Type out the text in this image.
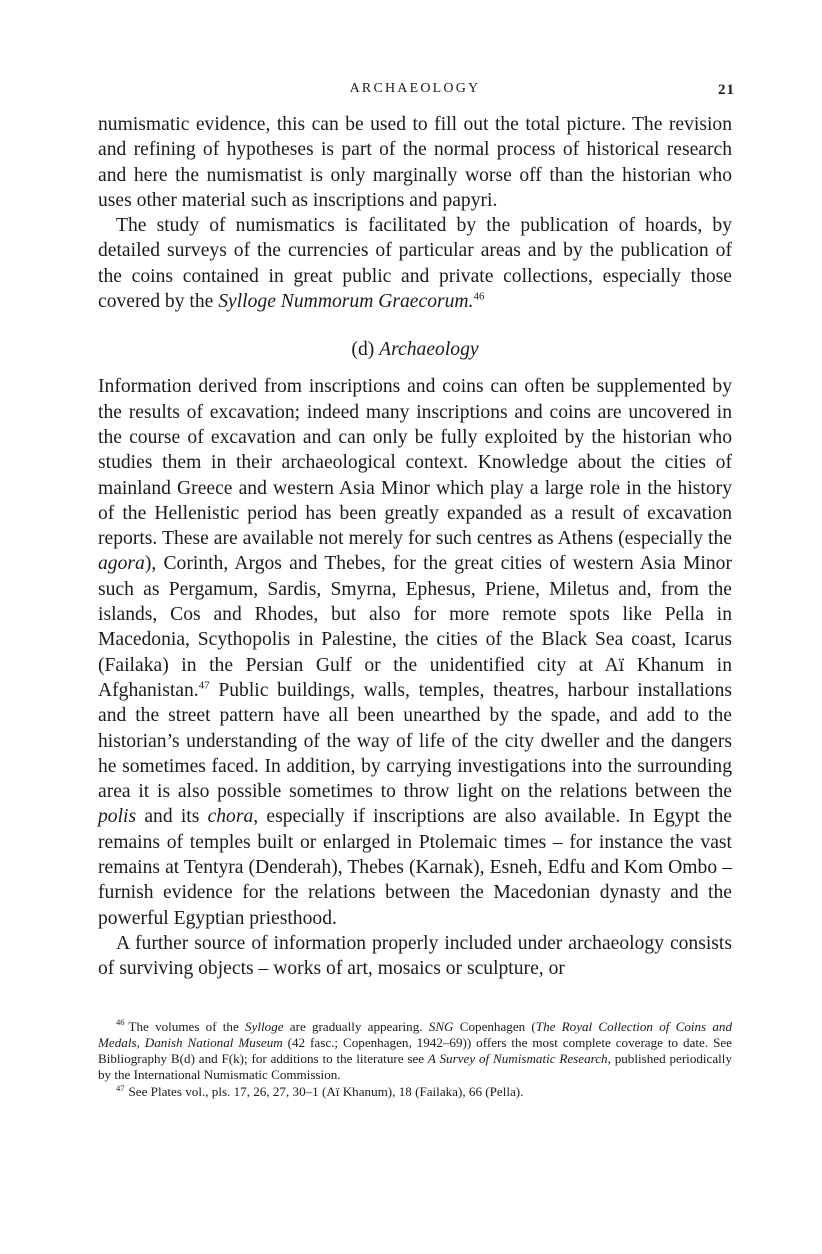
ARCHAEOLOGY	21

numismatic evidence, this can be used to fill out the total picture. The revision and refining of hypotheses is part of the normal process of historical research and here the numismatist is only marginally worse off than the historian who uses other material such as inscriptions and papyri.

The study of numismatics is facilitated by the publication of hoards, by detailed surveys of the currencies of particular areas and by the publication of the coins contained in great public and private collections, especially those covered by the Sylloge Nummorum Graecorum.$^{46}$

(d) Archaeology

Information derived from inscriptions and coins can often be supplemented by the results of excavation; indeed many inscriptions and coins are uncovered in the course of excavation and can only be fully exploited by the historian who studies them in their archaeological context. Knowledge about the cities of mainland Greece and western Asia Minor which play a large role in the history of the Hellenistic period has been greatly expanded as a result of excavation reports. These are available not merely for such centres as Athens (especially the agora), Corinth, Argos and Thebes, for the great cities of western Asia Minor such as Pergamum, Sardis, Smyrna, Ephesus, Priene, Miletus and, from the islands, Cos and Rhodes, but also for more remote spots like Pella in Macedonia, Scythopolis in Palestine, the cities of the Black Sea coast, Icarus (Failaka) in the Persian Gulf or the unidentified city at Aï Khanum in Afghanistan.$^{47}$ Public buildings, walls, temples, theatres, harbour installations and the street pattern have all been unearthed by the spade, and add to the historian’s understanding of the way of life of the city dweller and the dangers he sometimes faced. In addition, by carrying investigations into the surrounding area it is also possible sometimes to throw light on the relations between the polis and its chora, especially if inscriptions are also available. In Egypt the remains of temples built or enlarged in Ptolemaic times – for instance the vast remains at Tentyra (Denderah), Thebes (Karnak), Esneh, Edfu and Kom Ombo – furnish evidence for the relations between the Macedonian dynasty and the powerful Egyptian priesthood.

A further source of information properly included under archaeology consists of surviving objects – works of art, mosaics or sculpture, or

$^{46}$ The volumes of the Sylloge are gradually appearing. SNG Copenhagen (The Royal Collection of Coins and Medals, Danish National Museum (42 fasc.; Copenhagen, 1942–69)) offers the most complete coverage to date. See Bibliography B(d) and F(k); for additions to the literature see A Survey of Numismatic Research, published periodically by the International Numismatic Commission.

$^{47}$ See Plates vol., pls. 17, 26, 27, 30–1 (Aï Khanum), 18 (Failaka), 66 (Pella).
